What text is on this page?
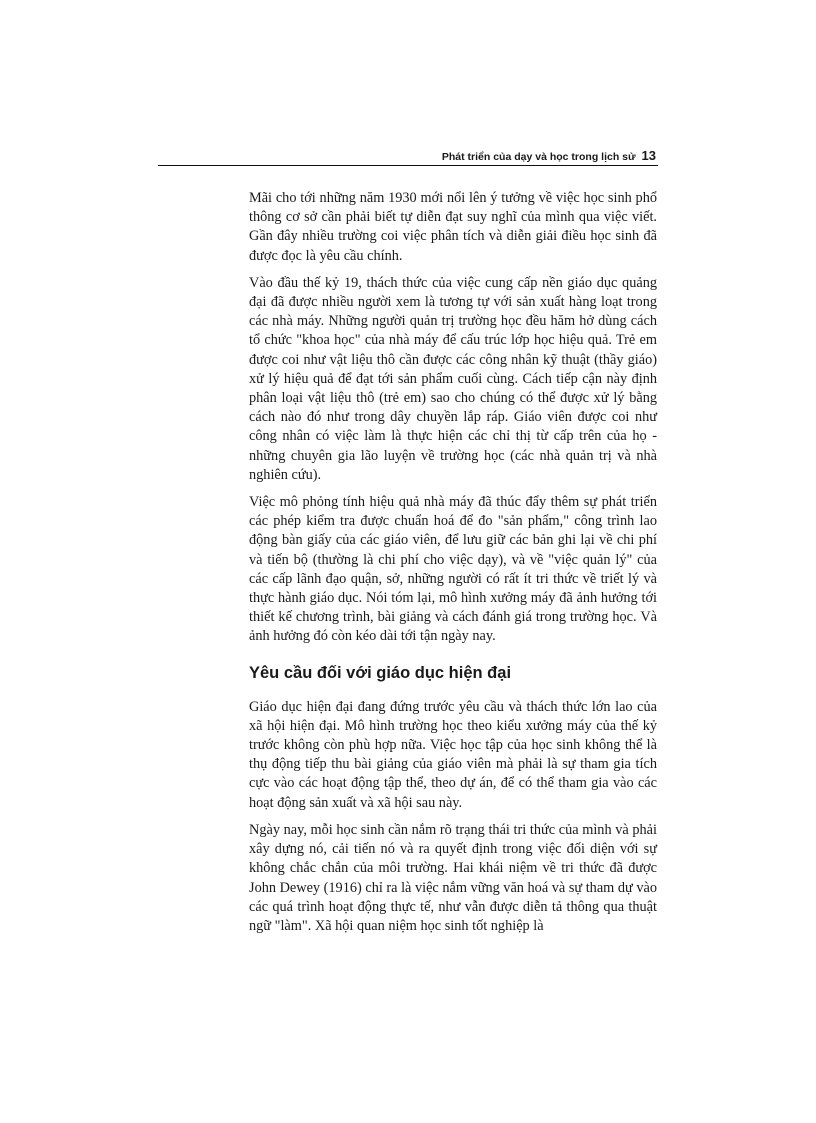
Phát triển của dạy và học trong lịch sử 13

Mãi cho tới những năm 1930 mới nổi lên ý tưởng về việc học sinh phổ thông cơ sở cần phải biết tự diễn đạt suy nghĩ của mình qua việc viết. Gần đây nhiều trường coi việc phân tích và diễn giải điều học sinh đã được đọc là yêu cầu chính.

Vào đầu thế kỷ 19, thách thức của việc cung cấp nền giáo dục quảng đại đã được nhiều người xem là tương tự với sản xuất hàng loạt trong các nhà máy. Những người quản trị trường học đều hăm hở dùng cách tổ chức "khoa học" của nhà máy để cấu trúc lớp học hiệu quả. Trẻ em được coi như vật liệu thô cần được các công nhân kỹ thuật (thầy giáo) xử lý hiệu quả để đạt tới sản phẩm cuối cùng. Cách tiếp cận này định phân loại vật liệu thô (trẻ em) sao cho chúng có thể được xử lý bằng cách nào đó như trong dây chuyền lắp ráp. Giáo viên được coi như công nhân có việc làm là thực hiện các chỉ thị từ cấp trên của họ - những chuyên gia lão luyện về trường học (các nhà quản trị và nhà nghiên cứu).

Việc mô phỏng tính hiệu quả nhà máy đã thúc đẩy thêm sự phát triển các phép kiểm tra được chuẩn hoá để đo "sản phẩm," công trình lao động bàn giấy của các giáo viên, để lưu giữ các bản ghi lại về chi phí và tiến bộ (thường là chi phí cho việc dạy), và về "việc quản lý" của các cấp lãnh đạo quận, sở, những người có rất ít tri thức về triết lý và thực hành giáo dục. Nói tóm lại, mô hình xưởng máy đã ảnh hưởng tới thiết kế chương trình, bài giảng và cách đánh giá trong trường học. Và ảnh hưởng đó còn kéo dài tới tận ngày nay.

Yêu cầu đối với giáo dục hiện đại

Giáo dục hiện đại đang đứng trước yêu cầu và thách thức lớn lao của xã hội hiện đại. Mô hình trường học theo kiểu xưởng máy của thế kỷ trước không còn phù hợp nữa. Việc học tập của học sinh không thể là thụ động tiếp thu bài giảng của giáo viên mà phải là sự tham gia tích cực vào các hoạt động tập thể, theo dự án, để có thể tham gia vào các hoạt động sản xuất và xã hội sau này.

Ngày nay, mỗi học sinh cần nắm rõ trạng thái tri thức của mình và phải xây dựng nó, cải tiến nó và ra quyết định trong việc đối diện với sự không chắc chắn của môi trường. Hai khái niệm về tri thức đã được John Dewey (1916) chỉ ra là việc nắm vững văn hoá và sự tham dự vào các quá trình hoạt động thực tế, như vẫn được diễn tả thông qua thuật ngữ "làm". Xã hội quan niệm học sinh tốt nghiệp là
